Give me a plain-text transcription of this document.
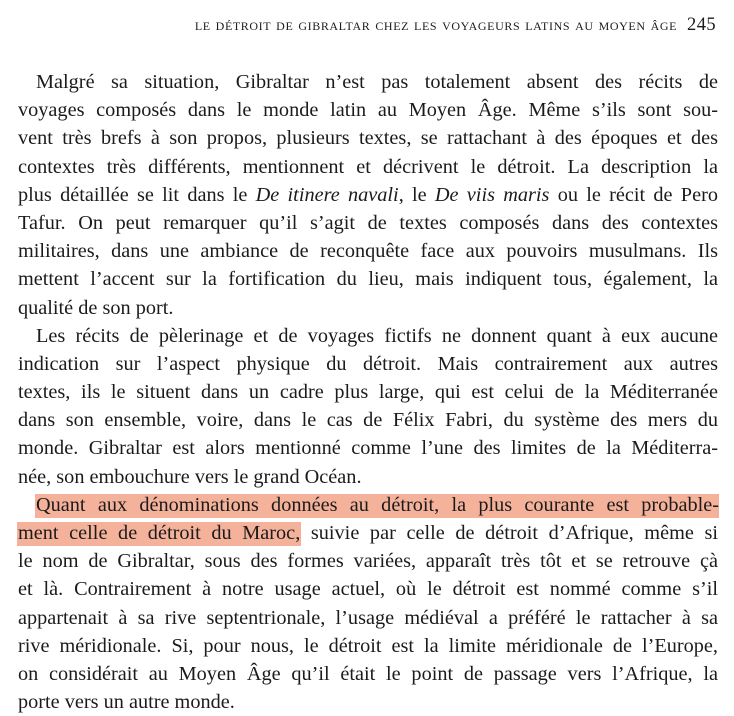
le détroit de gibraltar chez les voyageurs latins au moyen âge 245
Malgré sa situation, Gibraltar n’est pas totalement absent des récits de
voyages composés dans le monde latin au Moyen Âge. Même s’ils sont sou-
vent très brefs à son propos, plusieurs textes, se rattachant à des époques et des
contextes très différents, mentionnent et décrivent le détroit. La description la
plus détaillée se lit dans le De itinere navali, le De viis maris ou le récit de Pero
Tafur. On peut remarquer qu’il s’agit de textes composés dans des contextes
militaires, dans une ambiance de reconquête face aux pouvoirs musulmans. Ils
mettent l’accent sur la fortification du lieu, mais indiquent tous, également, la
qualité de son port.
Les récits de pèlerinage et de voyages fictifs ne donnent quant à eux aucune
indication sur l’aspect physique du détroit. Mais contrairement aux autres
textes, ils le situent dans un cadre plus large, qui est celui de la Méditerranée
dans son ensemble, voire, dans le cas de Félix Fabri, du système des mers du
monde. Gibraltar est alors mentionné comme l’une des limites de la Méditerra-
née, son embouchure vers le grand Océan.
Quant aux dénominations données au détroit, la plus courante est probable-
ment celle de détroit du Maroc, suivie par celle de détroit d’Afrique, même si
le nom de Gibraltar, sous des formes variées, apparaît très tôt et se retrouve çà
et là. Contrairement à notre usage actuel, où le détroit est nommé comme s’il
appartenait à sa rive septentrionale, l’usage médiéval a préféré le rattacher à sa
rive méridionale. Si, pour nous, le détroit est la limite méridionale de l’Europe,
on considérait au Moyen Âge qu’il était le point de passage vers l’Afrique, la
porte vers un autre monde.
